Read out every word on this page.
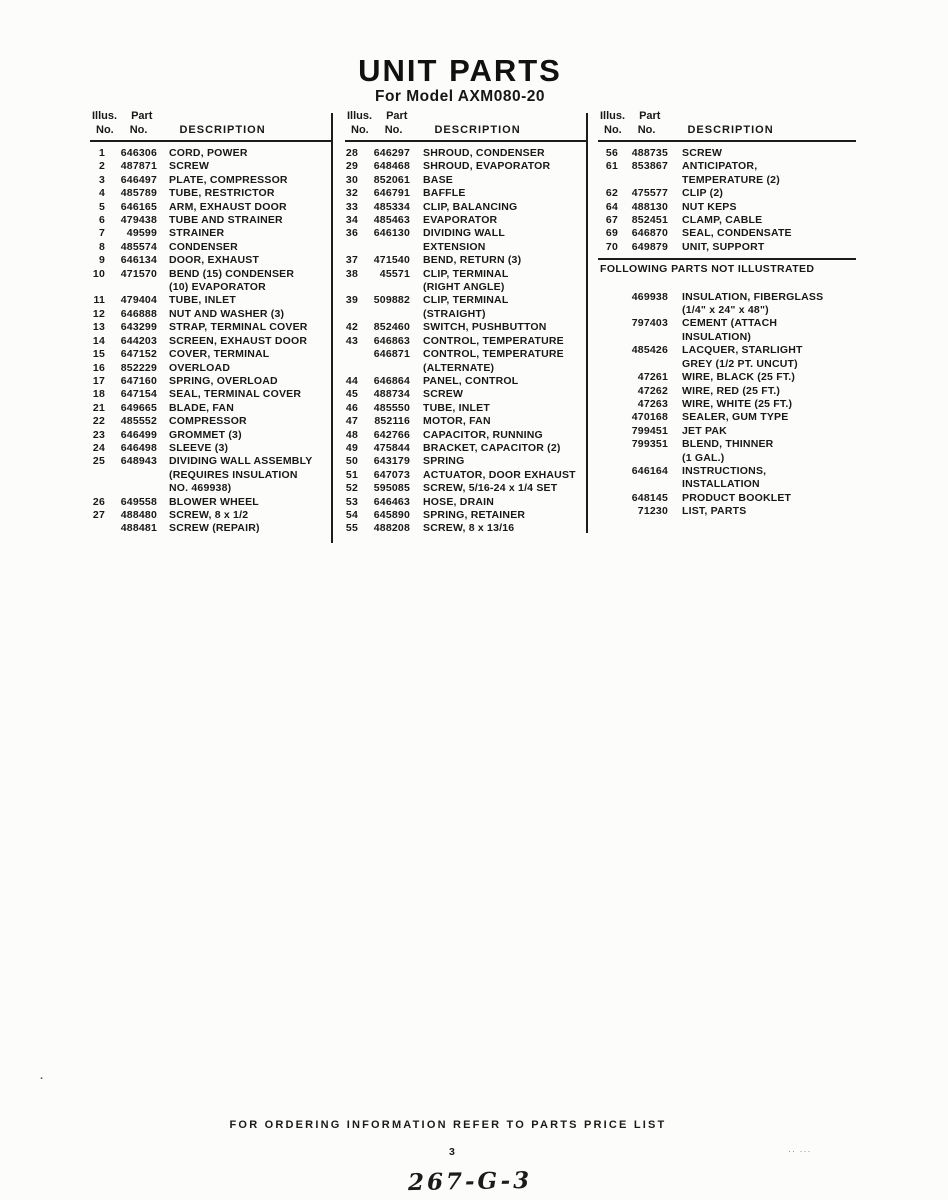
UNIT PARTS
For Model AXM080-20
Illus. Part
No. No.	DESCRIPTION
1	646306 CORD, POWER
2	487871 SCREW
3	646497 PLATE, COMPRESSOR
4	485789 TUBE, RESTRICTOR
5	646165 ARM, EXHAUST DOOR
6	479438 TUBE AND STRAINER
7	49599 STRAINER
8	485574 CONDENSER
9	646134 DOOR, EXHAUST
10	471570 BEND (15) CONDENSER
(10) EVAPORATOR
11	479404 TUBE, INLET
12	646888 NUT AND WASHER (3)
13	643299 STRAP, TERMINAL COVER
14	644203 SCREEN, EXHAUST DOOR
15	647152 COVER, TERMINAL
16	852229 OVERLOAD
17	647160 SPRING, OVERLOAD
18	647154 SEAL, TERMINAL COVER
21	649665 BLADE, FAN
22	485552 COMPRESSOR
23	646499 GROMMET (3)
24	646498 SLEEVE (3)
25	648943 DIVIDING WALL ASSEMBLY
(REQUIRES INSULATION
NO. 469938)
26	649558 BLOWER WHEEL
27	488480 SCREW, 8 x 1/2
488481 SCREW (REPAIR)
Illus. Part
No. No.	DESCRIPTION
28	646297 SHROUD, CONDENSER
29	648468 SHROUD, EVAPORATOR
30	852061 BASE
32	646791 BAFFLE
33	485334 CLIP, BALANCING
34	485463 EVAPORATOR
36	646130 DIVIDING WALL
EXTENSION
37	471540 BEND, RETURN (3)
38	45571 CLIP, TERMINAL
(RIGHT ANGLE)
39	509882 CLIP, TERMINAL
(STRAIGHT)
42	852460 SWITCH, PUSHBUTTON
43	646863 CONTROL, TEMPERATURE
646871 CONTROL, TEMPERATURE
(ALTERNATE)
44	646864 PANEL, CONTROL
45	488734 SCREW
46	485550 TUBE, INLET
47	852116 MOTOR, FAN
48	642766 CAPACITOR, RUNNING
49	475844 BRACKET, CAPACITOR (2)
50	643179 SPRING
51	647073 ACTUATOR, DOOR EXHAUST
52	595085 SCREW, 5/16-24 x 1/4 SET
53	646463 HOSE, DRAIN
54	645890 SPRING, RETAINER
55	488208 SCREW, 8 x 13/16
Illus. Part
No. No.	DESCRIPTION
56	488735 SCREW
61	853867 ANTICIPATOR,
TEMPERATURE (2)
62	475577 CLIP (2)
64	488130 NUT KEPS
67	852451 CLAMP, CABLE
69	646870 SEAL, CONDENSATE
70	649879 UNIT, SUPPORT
FOLLOWING PARTS NOT ILLUSTRATED
469938 INSULATION, FIBERGLASS
(1/4" x 24" x 48")
797403 CEMENT (ATTACH
INSULATION)
485426 LACQUER, STARLIGHT
GREY (1/2 PT. UNCUT)
47261 WIRE, BLACK (25 FT.)
47262 WIRE, RED (25 FT.)
47263 WIRE, WHITE (25 FT.)
470168 SEALER, GUM TYPE
799451 JET PAK
799351 BLEND, THINNER
(1 GAL.)
646164 INSTRUCTIONS,
INSTALLATION
648145 PRODUCT BOOKLET
71230 LIST, PARTS
FOR ORDERING INFORMATION REFER TO PARTS PRICE LIST
3
267-G-3
.
·· ···
